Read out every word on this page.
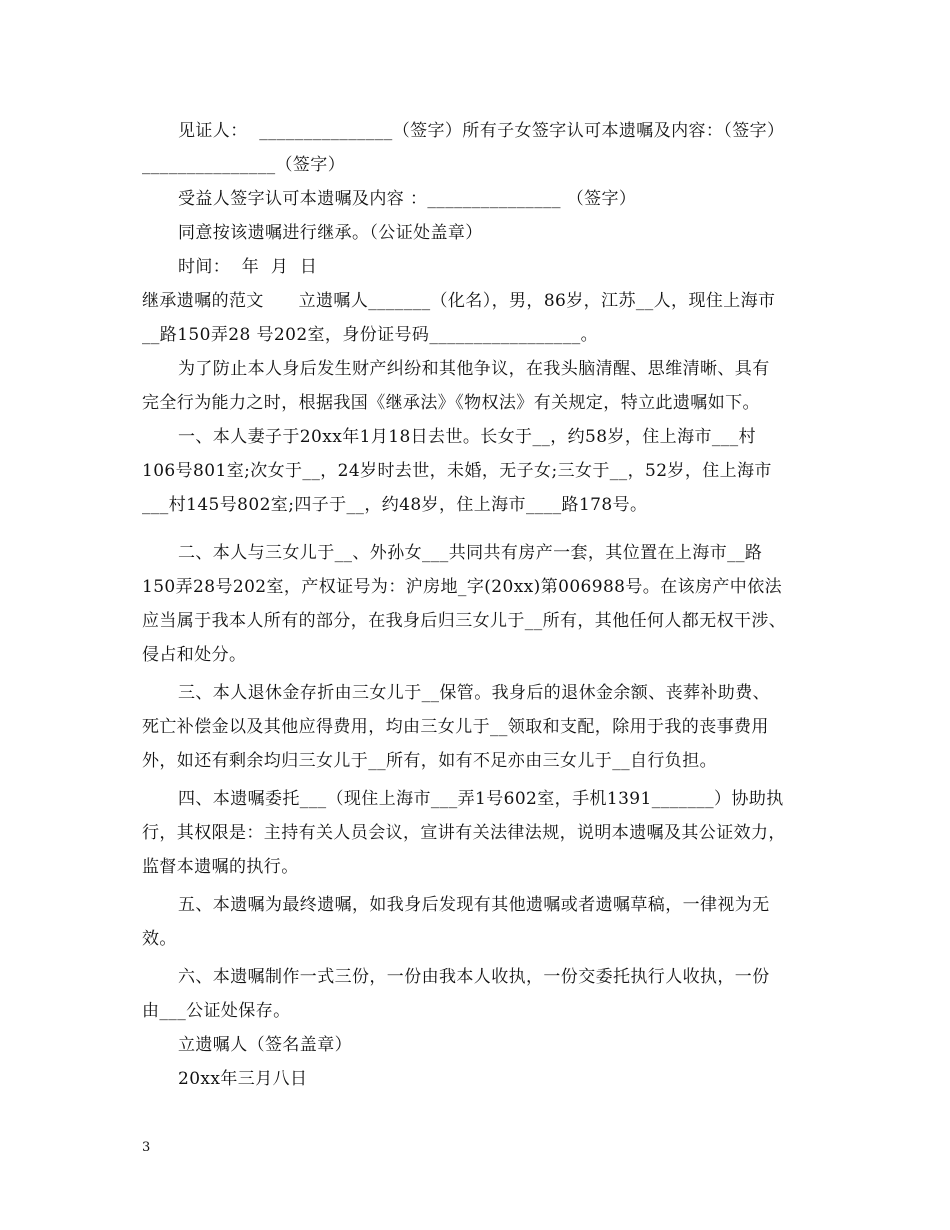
见证人：  _______________（签字）所有子女签字认可本遗嘱及内容：（签字）
_______________（签字）
受益人签字认可本遗嘱及内容 ：_______________ （签字）
同意按该遗嘱进行继承。（公证处盖章）
时间：  年  月  日
继承遗嘱的范文      立遗嘱人_______（化名），男，86岁，江苏__人，现住上海市
__路150弄28 号202室，身份证号码_________________。
为了防止本人身后发生财产纠纷和其他争议，在我头脑清醒、思维清晰、具有
完全行为能力之时，根据我国《继承法》《物权法》有关规定，特立此遗嘱如下。
一、本人妻子于20xx年1月18日去世。长女于__，约58岁，住上海市___村
106号801室;次女于__，24岁时去世，未婚，无子女;三女于__，52岁，住上海市
___村145号802室;四子于__，约48岁，住上海市____路178号。
二、本人与三女儿于__、外孙女___共同共有房产一套，其位置在上海市__路
150弄28号202室，产权证号为：沪房地_字(20xx)第006988号。在该房产中依法
应当属于我本人所有的部分，在我身后归三女儿于__所有，其他任何人都无权干涉、
侵占和处分。
三、本人退休金存折由三女儿于__保管。我身后的退休金余额、丧葬补助费、
死亡补偿金以及其他应得费用，均由三女儿于__领取和支配，除用于我的丧事费用
外，如还有剩余均归三女儿于__所有，如有不足亦由三女儿于__自行负担。
四、本遗嘱委托___（现住上海市___弄1号602室，手机1391_______）协助执
行，其权限是：主持有关人员会议，宣讲有关法律法规，说明本遗嘱及其公证效力，
监督本遗嘱的执行。
五、本遗嘱为最终遗嘱，如我身后发现有其他遗嘱或者遗嘱草稿，一律视为无
效。
六、本遗嘱制作一式三份，一份由我本人收执，一份交委托执行人收执，一份
由___公证处保存。
立遗嘱人（签名盖章）
20xx年三月八日
3
